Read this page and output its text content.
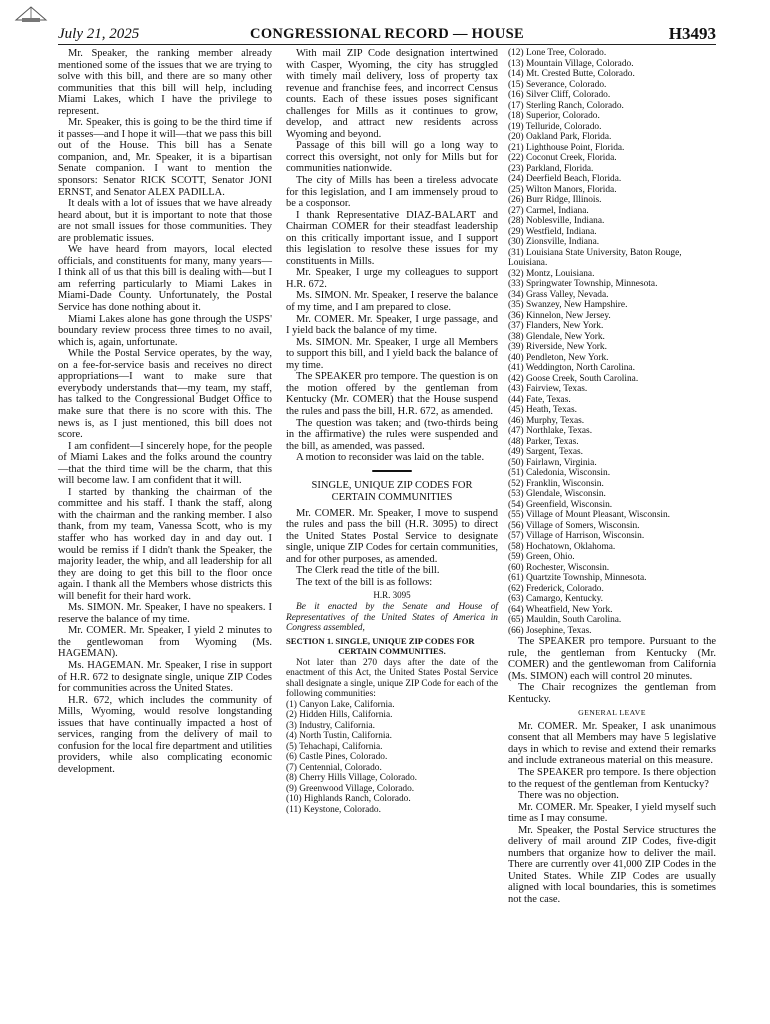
July 21, 2025	CONGRESSIONAL RECORD — HOUSE	H3493

Mr. Speaker, the ranking member already mentioned some of the issues that we are trying to solve with this bill, and there are so many other communities that this bill will help, including Miami Lakes, which I have the privilege to represent.

Mr. Speaker, this is going to be the third time if it passes—and I hope it will—that we pass this bill out of the House. This bill has a Senate companion, and, Mr. Speaker, it is a bipartisan Senate companion. I want to mention the sponsors: Senator RICK SCOTT, Senator JONI ERNST, and Senator ALEX PADILLA.

It deals with a lot of issues that we have already heard about, but it is important to note that those are not small issues for those communities. They are problematic issues.

We have heard from mayors, local elected officials, and constituents for many, many years—I think all of us that this bill is dealing with—but I am referring particularly to Miami Lakes in Miami-Dade County. Unfortunately, the Postal Service has done nothing about it.

Miami Lakes alone has gone through the USPS' boundary review process three times to no avail, which is, again, unfortunate.

While the Postal Service operates, by the way, on a fee-for-service basis and receives no direct appropriations—I want to make sure that everybody understands that—my team, my staff, has talked to the Congressional Budget Office to make sure that there is no score with this. The news is, as I just mentioned, this bill does not score.

I am confident—I sincerely hope, for the people of Miami Lakes and the folks around the country—that the third time will be the charm, that this will become law. I am confident that it will.

I started by thanking the chairman of the committee and his staff. I thank the staff, along with the chairman and the ranking member. I also thank, from my team, Vanessa Scott, who is my staffer who has worked day in and day out. I would be remiss if I didn't thank the Speaker, the majority leader, the whip, and all leadership for all they are doing to get this bill to the floor once again. I thank all the Members whose districts this will benefit for their hard work.

Ms. SIMON. Mr. Speaker, I have no speakers. I reserve the balance of my time.

Mr. COMER. Mr. Speaker, I yield 2 minutes to the gentlewoman from Wyoming (Ms. HAGEMAN).

Ms. HAGEMAN. Mr. Speaker, I rise in support of H.R. 672 to designate single, unique ZIP Codes for communities across the United States.

H.R. 672, which includes the community of Mills, Wyoming, would resolve longstanding issues that have continually impacted a host of services, ranging from the delivery of mail to confusion for the local fire department and utilities providers, while also complicating economic development.

With mail ZIP Code designation intertwined with Casper, Wyoming, the city has struggled with timely mail delivery, loss of property tax revenue and franchise fees, and incorrect Census counts. Each of these issues poses significant challenges for Mills as it continues to grow, develop, and attract new residents across Wyoming and beyond.

Passage of this bill will go a long way to correct this oversight, not only for Mills but for communities nationwide.

The city of Mills has been a tireless advocate for this legislation, and I am immensely proud to be a cosponsor.

I thank Representative DIAZ-BALART and Chairman COMER for their steadfast leadership on this critically important issue, and I support this legislation to resolve these issues for my constituents in Mills.

Mr. Speaker, I urge my colleagues to support H.R. 672.

Ms. SIMON. Mr. Speaker, I reserve the balance of my time, and I am prepared to close.

Mr. COMER. Mr. Speaker, I urge passage, and I yield back the balance of my time.

Ms. SIMON. Mr. Speaker, I urge all Members to support this bill, and I yield back the balance of my time.

The SPEAKER pro tempore. The question is on the motion offered by the gentleman from Kentucky (Mr. COMER) that the House suspend the rules and pass the bill, H.R. 672, as amended.

The question was taken; and (two-thirds being in the affirmative) the rules were suspended and the bill, as amended, was passed.

A motion to reconsider was laid on the table.

SINGLE, UNIQUE ZIP CODES FOR
CERTAIN COMMUNITIES

Mr. COMER. Mr. Speaker, I move to suspend the rules and pass the bill (H.R. 3095) to direct the United States Postal Service to designate single, unique ZIP Codes for certain communities, and for other purposes, as amended.

The Clerk read the title of the bill.

The text of the bill is as follows:

H.R. 3095

Be it enacted by the Senate and House of Representatives of the United States of America in Congress assembled,

SECTION 1. SINGLE, UNIQUE ZIP CODES FOR
CERTAIN COMMUNITIES.

Not later than 270 days after the date of the enactment of this Act, the United States Postal Service shall designate a single, unique ZIP Code for each of the following communities:

(1) Canyon Lake, California.

(2) Hidden Hills, California.

(3) Industry, California.

(4) North Tustin, California.

(5) Tehachapi, California.

(6) Castle Pines, Colorado.

(7) Centennial, Colorado.

(8) Cherry Hills Village, Colorado.

(9) Greenwood Village, Colorado.

(10) Highlands Ranch, Colorado.

(11) Keystone, Colorado.

(12) Lone Tree, Colorado.

(13) Mountain Village, Colorado.

(14) Mt. Crested Butte, Colorado.

(15) Severance, Colorado.

(16) Silver Cliff, Colorado.

(17) Sterling Ranch, Colorado.

(18) Superior, Colorado.

(19) Telluride, Colorado.

(20) Oakland Park, Florida.

(21) Lighthouse Point, Florida.

(22) Coconut Creek, Florida.

(23) Parkland, Florida.

(24) Deerfield Beach, Florida.

(25) Wilton Manors, Florida.

(26) Burr Ridge, Illinois.

(27) Carmel, Indiana.

(28) Noblesville, Indiana.

(29) Westfield, Indiana.

(30) Zionsville, Indiana.

(31) Louisiana State University, Baton Rouge, Louisiana.

(32) Montz, Louisiana.

(33) Springwater Township, Minnesota.

(34) Grass Valley, Nevada.

(35) Swanzey, New Hampshire.

(36) Kinnelon, New Jersey.

(37) Flanders, New York.

(38) Glendale, New York.

(39) Riverside, New York.

(40) Pendleton, New York.

(41) Weddington, North Carolina.

(42) Goose Creek, South Carolina.

(43) Fairview, Texas.

(44) Fate, Texas.

(45) Heath, Texas.

(46) Murphy, Texas.

(47) Northlake, Texas.

(48) Parker, Texas.

(49) Sargent, Texas.

(50) Fairlawn, Virginia.

(51) Caledonia, Wisconsin.

(52) Franklin, Wisconsin.

(53) Glendale, Wisconsin.

(54) Greenfield, Wisconsin.

(55) Village of Mount Pleasant, Wisconsin.

(56) Village of Somers, Wisconsin.

(57) Village of Harrison, Wisconsin.

(58) Hochatown, Oklahoma.

(59) Green, Ohio.

(60) Rochester, Wisconsin.

(61) Quartzite Township, Minnesota.

(62) Frederick, Colorado.

(63) Camargo, Kentucky.

(64) Wheatfield, New York.

(65) Mauldin, South Carolina.

(66) Josephine, Texas.

The SPEAKER pro tempore. Pursuant to the rule, the gentleman from Kentucky (Mr. COMER) and the gentlewoman from California (Ms. SIMON) each will control 20 minutes.

The Chair recognizes the gentleman from Kentucky.

GENERAL LEAVE

Mr. COMER. Mr. Speaker, I ask unanimous consent that all Members may have 5 legislative days in which to revise and extend their remarks and include extraneous material on this measure.

The SPEAKER pro tempore. Is there objection to the request of the gentleman from Kentucky?

There was no objection.

Mr. COMER. Mr. Speaker, I yield myself such time as I may consume.

Mr. Speaker, the Postal Service structures the delivery of mail around ZIP Codes, five-digit numbers that organize how to deliver the mail. There are currently over 41,000 ZIP Codes in the United States. While ZIP Codes are usually aligned with local boundaries, this is sometimes not the case.
